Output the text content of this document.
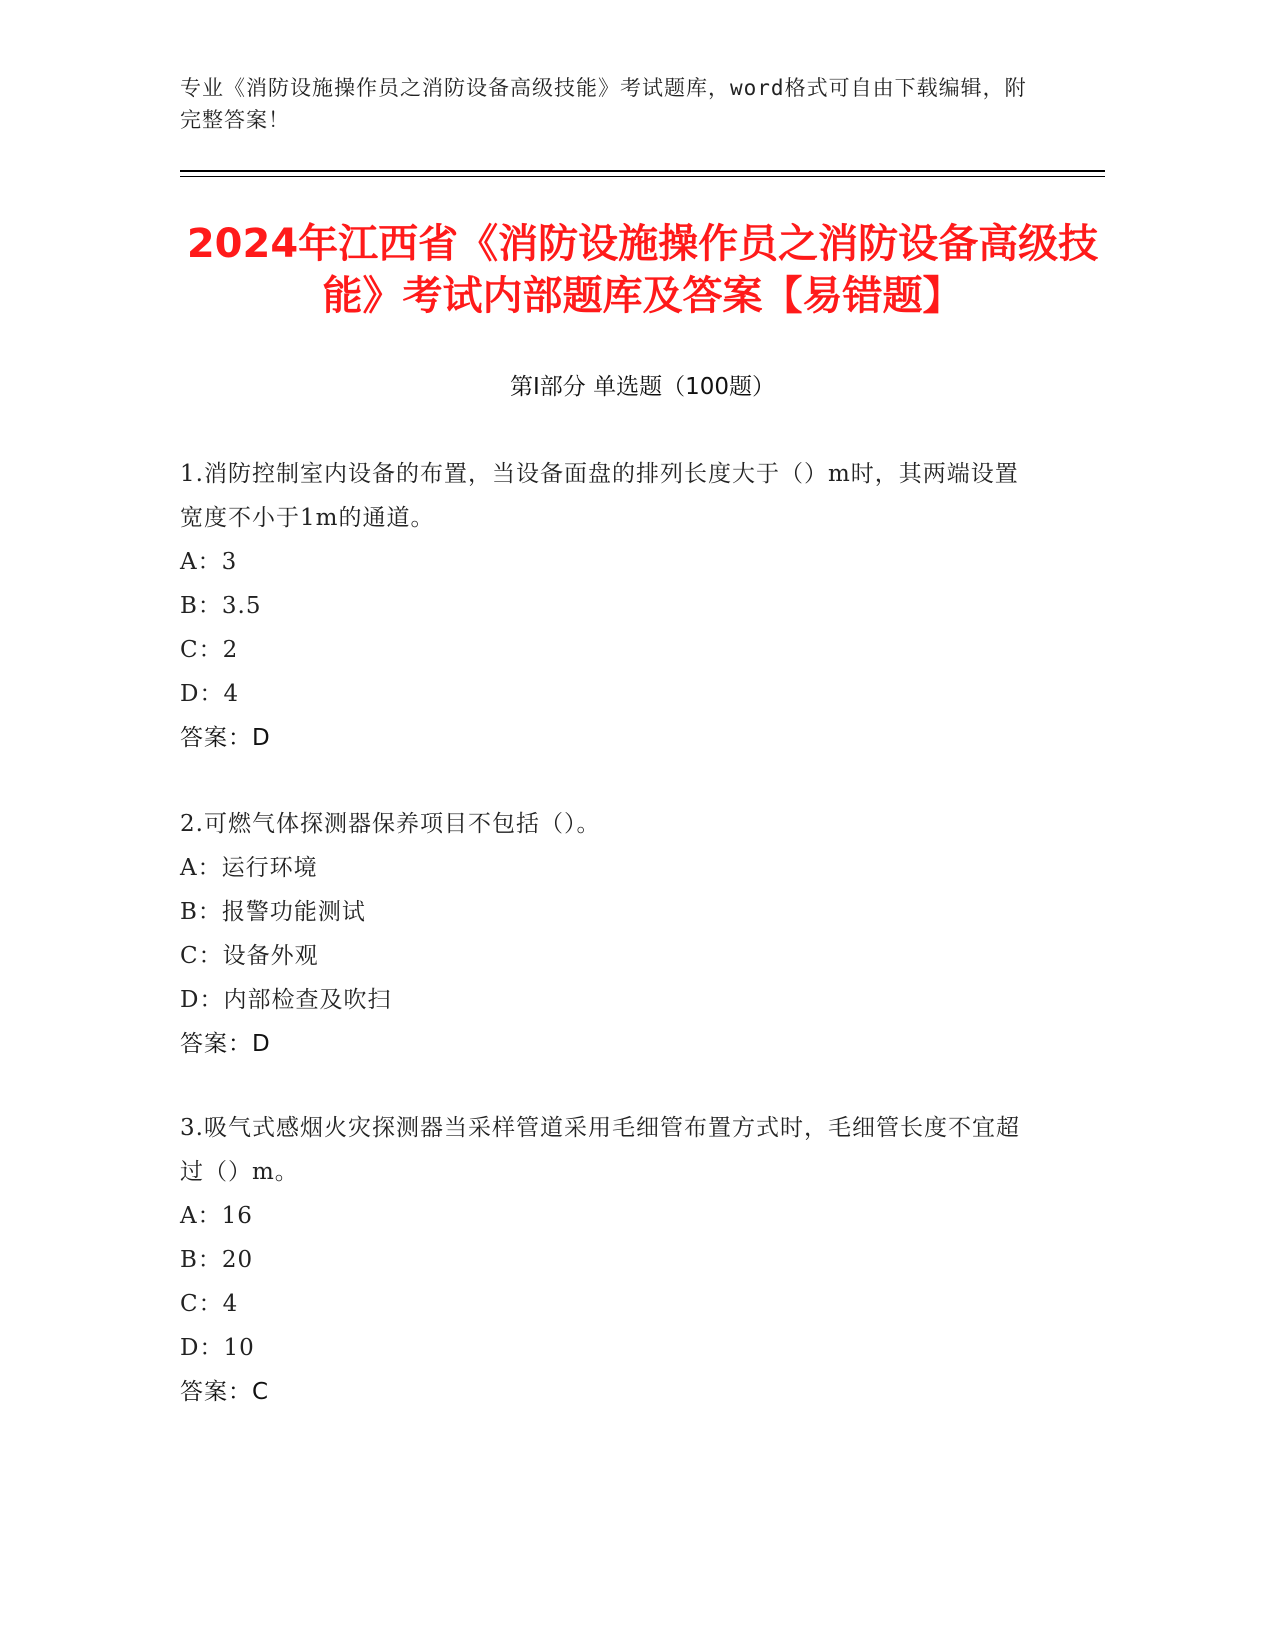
专业《消防设施操作员之消防设备高级技能》考试题库，word格式可自由下载编辑，附完整答案！
2024年江西省《消防设施操作员之消防设备高级技能》考试内部题库及答案【易错题】
第Ⅰ部分 单选题（100题）
1.消防控制室内设备的布置，当设备面盘的排列长度大于（）m时，其两端设置宽度不小于1m的通道。
A：3
B：3.5
C：2
D：4
答案：D
2.可燃气体探测器保养项目不包括（）。
A：运行环境
B：报警功能测试
C：设备外观
D：内部检查及吹扫
答案：D
3.吸气式感烟火灾探测器当采样管道采用毛细管布置方式时，毛细管长度不宜超过（）m。
A：16
B：20
C：4
D：10
答案：C
